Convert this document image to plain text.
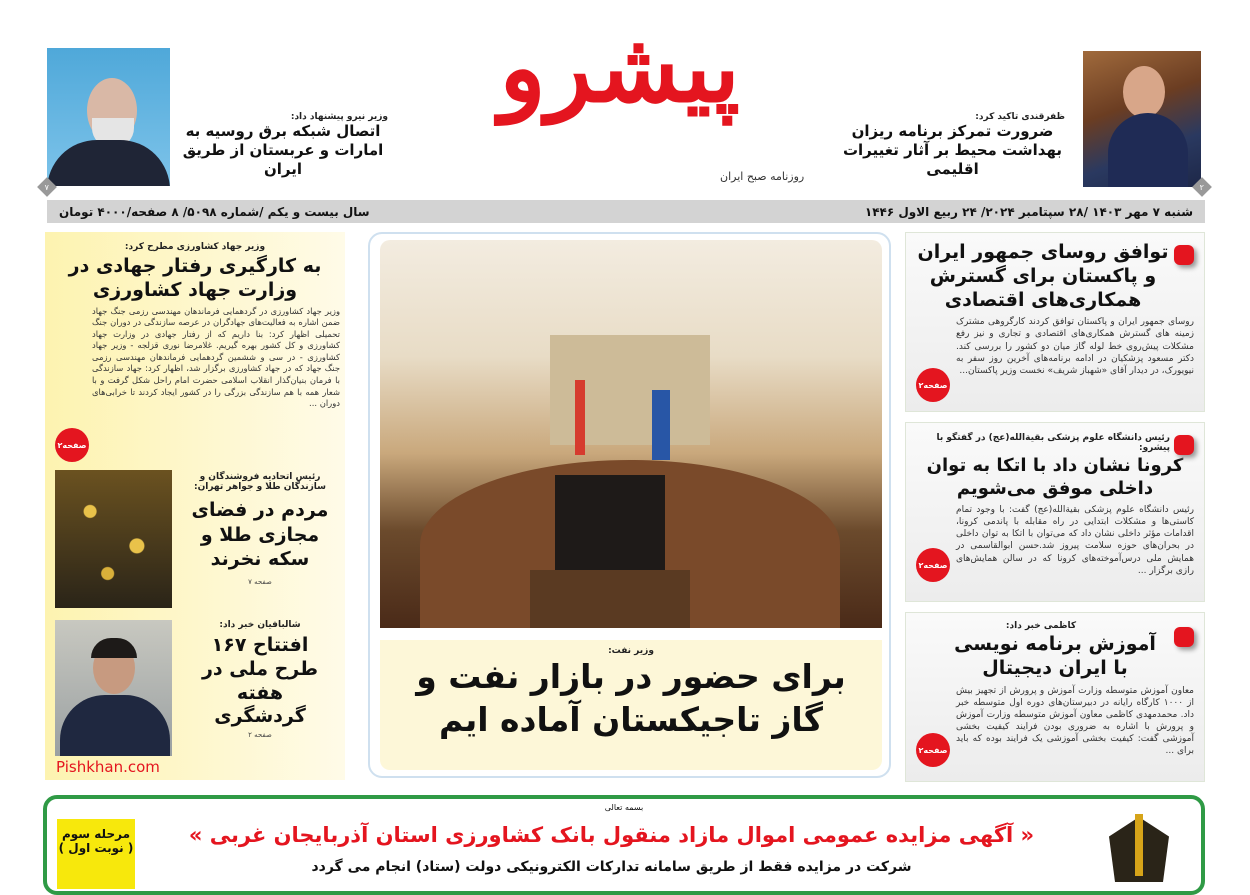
پیشرو
روزنامه صبح ایران
۲
ظفرقندی تاکید کرد:
ضرورت تمرکز برنامه ریزان بهداشت محیط بر آثار تغییرات اقلیمی
۷
وزیر نیرو پیشنهاد داد:
اتصال شبکه برق روسیه به امارات و عربستان از طریق ایران
شنبه ۷ مهر ۱۴۰۳ /۲۸ سپتامبر ۲۰۲۴/ ۲۴ ربیع الاول ۱۴۴۶
سال بیست و یکم /شماره ۵۰۹۸/ ۸ صفحه/۴۰۰۰ تومان
توافق روسای جمهور ایران و پاکستان برای گسترش همکاری‌های اقتصادی
روسای جمهور ایران و پاکستان توافق کردند کارگروهی مشترک زمینه های گسترش همکاری‌های اقتصادی و تجاری و نیز رفع مشکلات پیش‌روی خط لوله گاز میان دو کشور را بررسی کند. دکتر مسعود پزشکیان در ادامه برنامه‌های آخرین روز سفر به نیویورک، در دیدار آقای «شهباز شریف» نخست وزیر پاکستان...
صفحه۲
رئیس دانشگاه علوم پزشکی بقیةالله(عج) در گفتگو با پیشرو:
کرونا نشان داد با اتکا به توان داخلی موفق می‌شویم
رئیس دانشگاه علوم پزشکی بقیةالله(عج) گفت: با وجود تمام کاستی‌ها و مشکلات ابتدایی در راه مقابله با پاندمی کرونا، اقدامات مؤثر داخلی نشان داد که می‌توان با اتکا به توان داخلی در بحران‌های حوزه سلامت پیروز شد.حسن ابوالقاسمی در همایش ملی درس‌آموخته‌های کرونا که در سالن همایش‌های رازی برگزار ...
صفحه۲
کاظمی خبر داد:
آموزش برنامه نویسی با ایران دیجیتال
معاون آموزش متوسطه وزارت آموزش و پرورش از تجهیز بیش از ۱۰۰۰ کارگاه رایانه در دبیرستان‌های دوره اول متوسطه خبر داد. محمدمهدی کاظمی معاون آموزش متوسطه وزارت آموزش و پرورش با اشاره به ضروری بودن فرایند کیفیت بخشی آموزشی گفت: کیفیت بخشی آموزشی یک فرایند بوده که باید برای ...
صفحه۲
وزیر نفت:
برای حضور در بازار نفت و گاز تاجیکستان آماده ایم
وزیر جهاد کشاورزی مطرح کرد:
به کارگیری رفتار جهادی در وزارت جهاد کشاورزی
وزیر جهاد کشاورزی در گردهمایی فرماندهان مهندسی رزمی جنگ جهاد ضمن اشاره به فعالیت‌های جهادگران در عرصه سازندگی در دوران جنگ تحمیلی اظهار کرد: بنا داریم که از رفتار جهادی در وزارت جهاد کشاورزی و کل کشور بهره گیریم. غلامرضا نوری قزلجه - وزیر جهاد کشاورزی - در سی و ششمین گردهمایی فرماندهان مهندسی رزمی جنگ جهاد که در جهاد کشاورزی برگزار شد، اظهار کرد: جهاد سازندگی با فرمان بنیان‌گذار انقلاب اسلامی حضرت امام راحل شکل گرفت و با شعار همه با هم سازندگی بزرگی را در کشور ایجاد کردند تا خرابی‌های دوران ...
صفحه۲
رئیس اتحادیه فروشندگان و سازندگان طلا و جواهر تهران:
مردم در فضای مجازی طلا و سکه نخرند
صفحه ۷
شالبافیان خبر داد:
افتتاح ۱۶۷ طرح ملی در هفته گردشگری
صفحه ۲
Pishkhan.com
بسمه تعالی
« آگهی مزایده عمومی اموال مازاد منقول بانک کشاورزی استان آذربایجان غربی »
شرکت در مزایده فقط از طریق سامانه تدارکات الکترونیکی دولت (ستاد) انجام می گردد
مرحله سوم
( نوبت اول )
